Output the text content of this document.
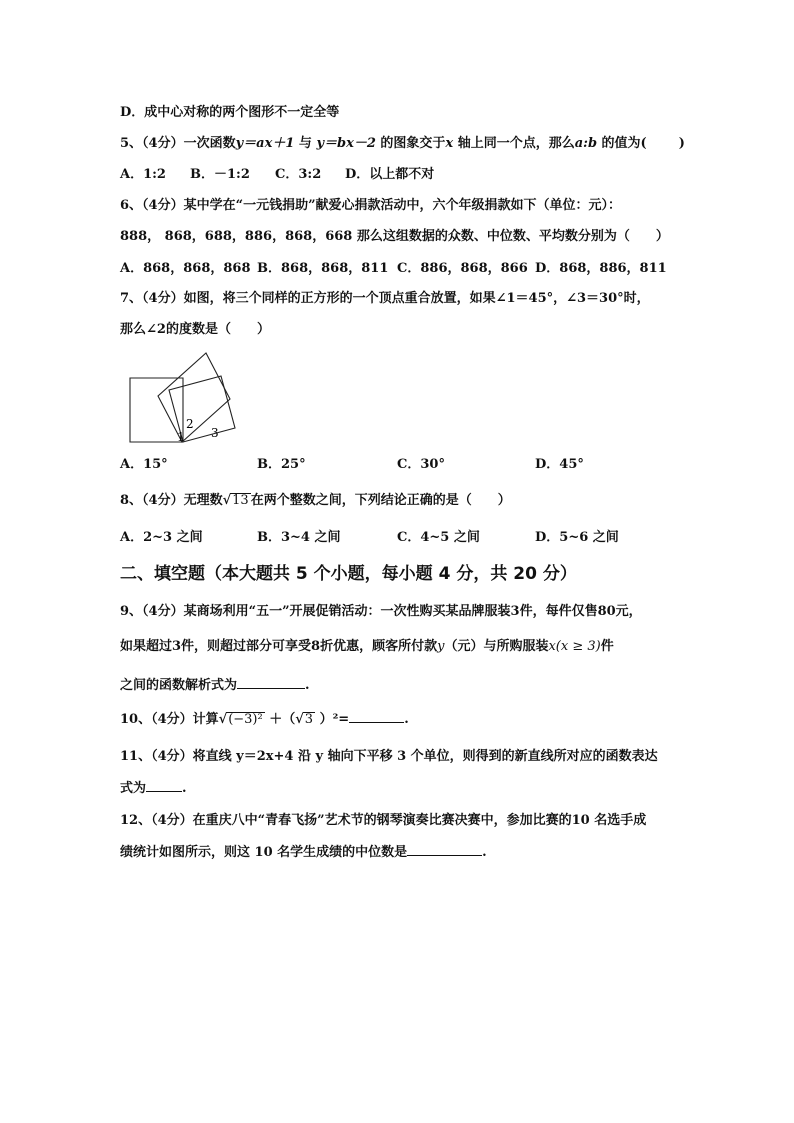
D．成中心对称的两个图形不一定全等
5、（4分）一次函数y＝ax＋1 与 y＝bx－2 的图象交于x 轴上同一个点，那么a:b 的值为( )
A．1:2 B．－1:2 C．3:2 D．以上都不对
6、（4分）某中学在“一元钱捐助”献爱心捐款活动中，六个年级捐款如下（单位：元）：
888， 868，688，886，868，668 那么这组数据的众数、中位数、平均数分别为（　　）
A．868，868，868 B．868，868，811 C．886，868，866 D．868，886，811
7、（4分）如图，将三个同样的正方形的一个顶点重合放置，如果∠1＝45°，∠3＝30°时，
那么∠2的度数是（　　）
1
2
3
A．15°	B．25°	C．30°	D．45°
8、（4分）无理数√13 在两个整数之间，下列结论正确的是（　　）
A．2~3 之间	B．3~4 之间	C．4~5 之间	D．5~6 之间
二、填空题（本大题共 5 个小题，每小题 4 分，共 20 分）
9、（4分）某商场利用“五一”开展促销活动：一次性购买某品牌服装3件，每件仅售80元，
如果超过3件，则超过部分可享受8折优惠，顾客所付款y（元）与所购服装x(x ≥ 3)件
之间的函数解析式为	.
10、（4分）计算√(−3)² ＋（√3 ）²=	.
11、（4分）将直线 y＝2x+4 沿 y 轴向下平移 3 个单位，则得到的新直线所对应的函数表达
式为	.
12、（4分）在重庆八中“青春飞扬”艺术节的钢琴演奏比赛决赛中，参加比赛的10 名选手成
绩统计如图所示，则这 10 名学生成绩的中位数是	.
